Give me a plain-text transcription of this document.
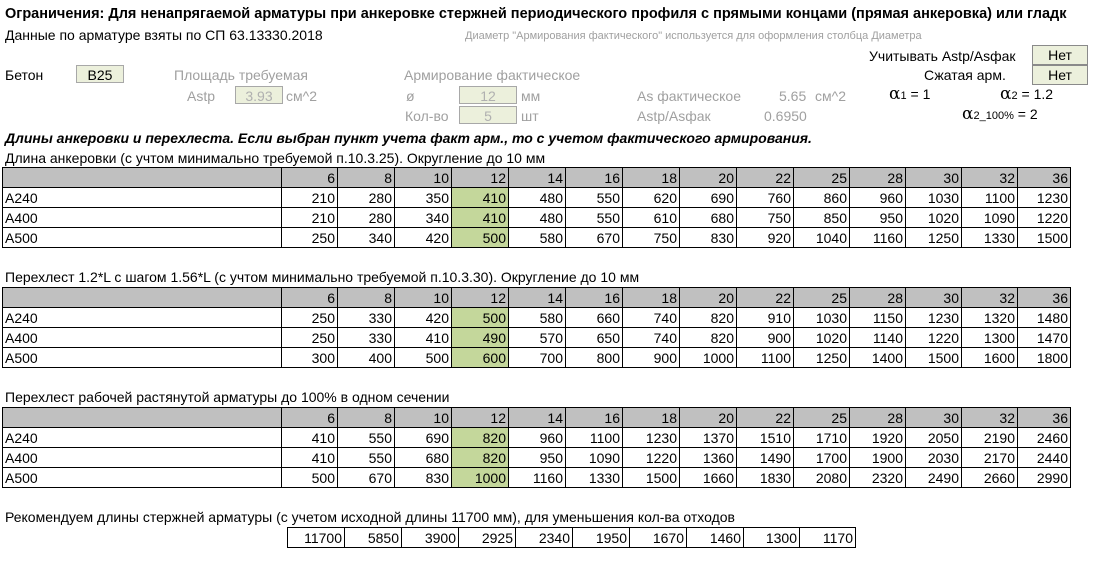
Ограничения: Для ненапрягаемой арматуры при анкеровке стержней периодического профиля с прямыми концами (прямая анкеровка) или гладк
Данные по арматуре взяты по СП 63.13330.2018	Диаметр "Армирования фактического" используется для оформления столбца Диаметра
Учитывать Astp/Asфак	Нет
Сжатая арм.	Нет
Бетон	B25	Площадь требуемая	Армирование фактическое
Astp	3.93 см^2	ø	12	мм	As фактическое	5.65 см^2	α1 = 1	α2 = 1.2
Кол-во	5	шт	Astp/Asфак	0.6950	α2_100% = 2
Длины анкеровки и перехлеста. Если выбран пункт учета факт арм., то с учетом фактического армирования.
Длина анкеровки (с учтом минимально требуемой п.10.3.25). Округление до 10 мм
		6	8	10	12	14	16	18	20	22	25	28	30	32	36
A240		210	280	350	410	480	550	620	690	760	860	960	1030	1100	1230
A400		210	280	340	410	480	550	610	680	750	850	950	1020	1090	1220
A500		250	340	420	500	580	670	750	830	920	1040	1160	1250	1330	1500
Перехлест 1.2*L с шагом 1.56*L (с учтом минимально требуемой п.10.3.30). Округление до 10 мм
		6	8	10	12	14	16	18	20	22	25	28	30	32	36
A240		250	330	420	500	580	660	740	820	910	1030	1150	1230	1320	1480
A400		250	330	410	490	570	650	740	820	900	1020	1140	1220	1300	1470
A500		300	400	500	600	700	800	900	1000	1100	1250	1400	1500	1600	1800
Перехлест рабочей растянутой арматуры до 100% в одном сечении
		6	8	10	12	14	16	18	20	22	25	28	30	32	36
A240		410	550	690	820	960	1100	1230	1370	1510	1710	1920	2050	2190	2460
A400		410	550	680	820	950	1090	1220	1360	1490	1700	1900	2030	2170	2440
A500		500	670	830	1000	1160	1330	1500	1660	1830	2080	2320	2490	2660	2990
Рекомендуем длины стержней арматуры (с учетом исходной длины 11700 мм), для уменьшения кол-ва отходов
11700	5850	3900	2925	2340	1950	1670	1460	1300	1170
